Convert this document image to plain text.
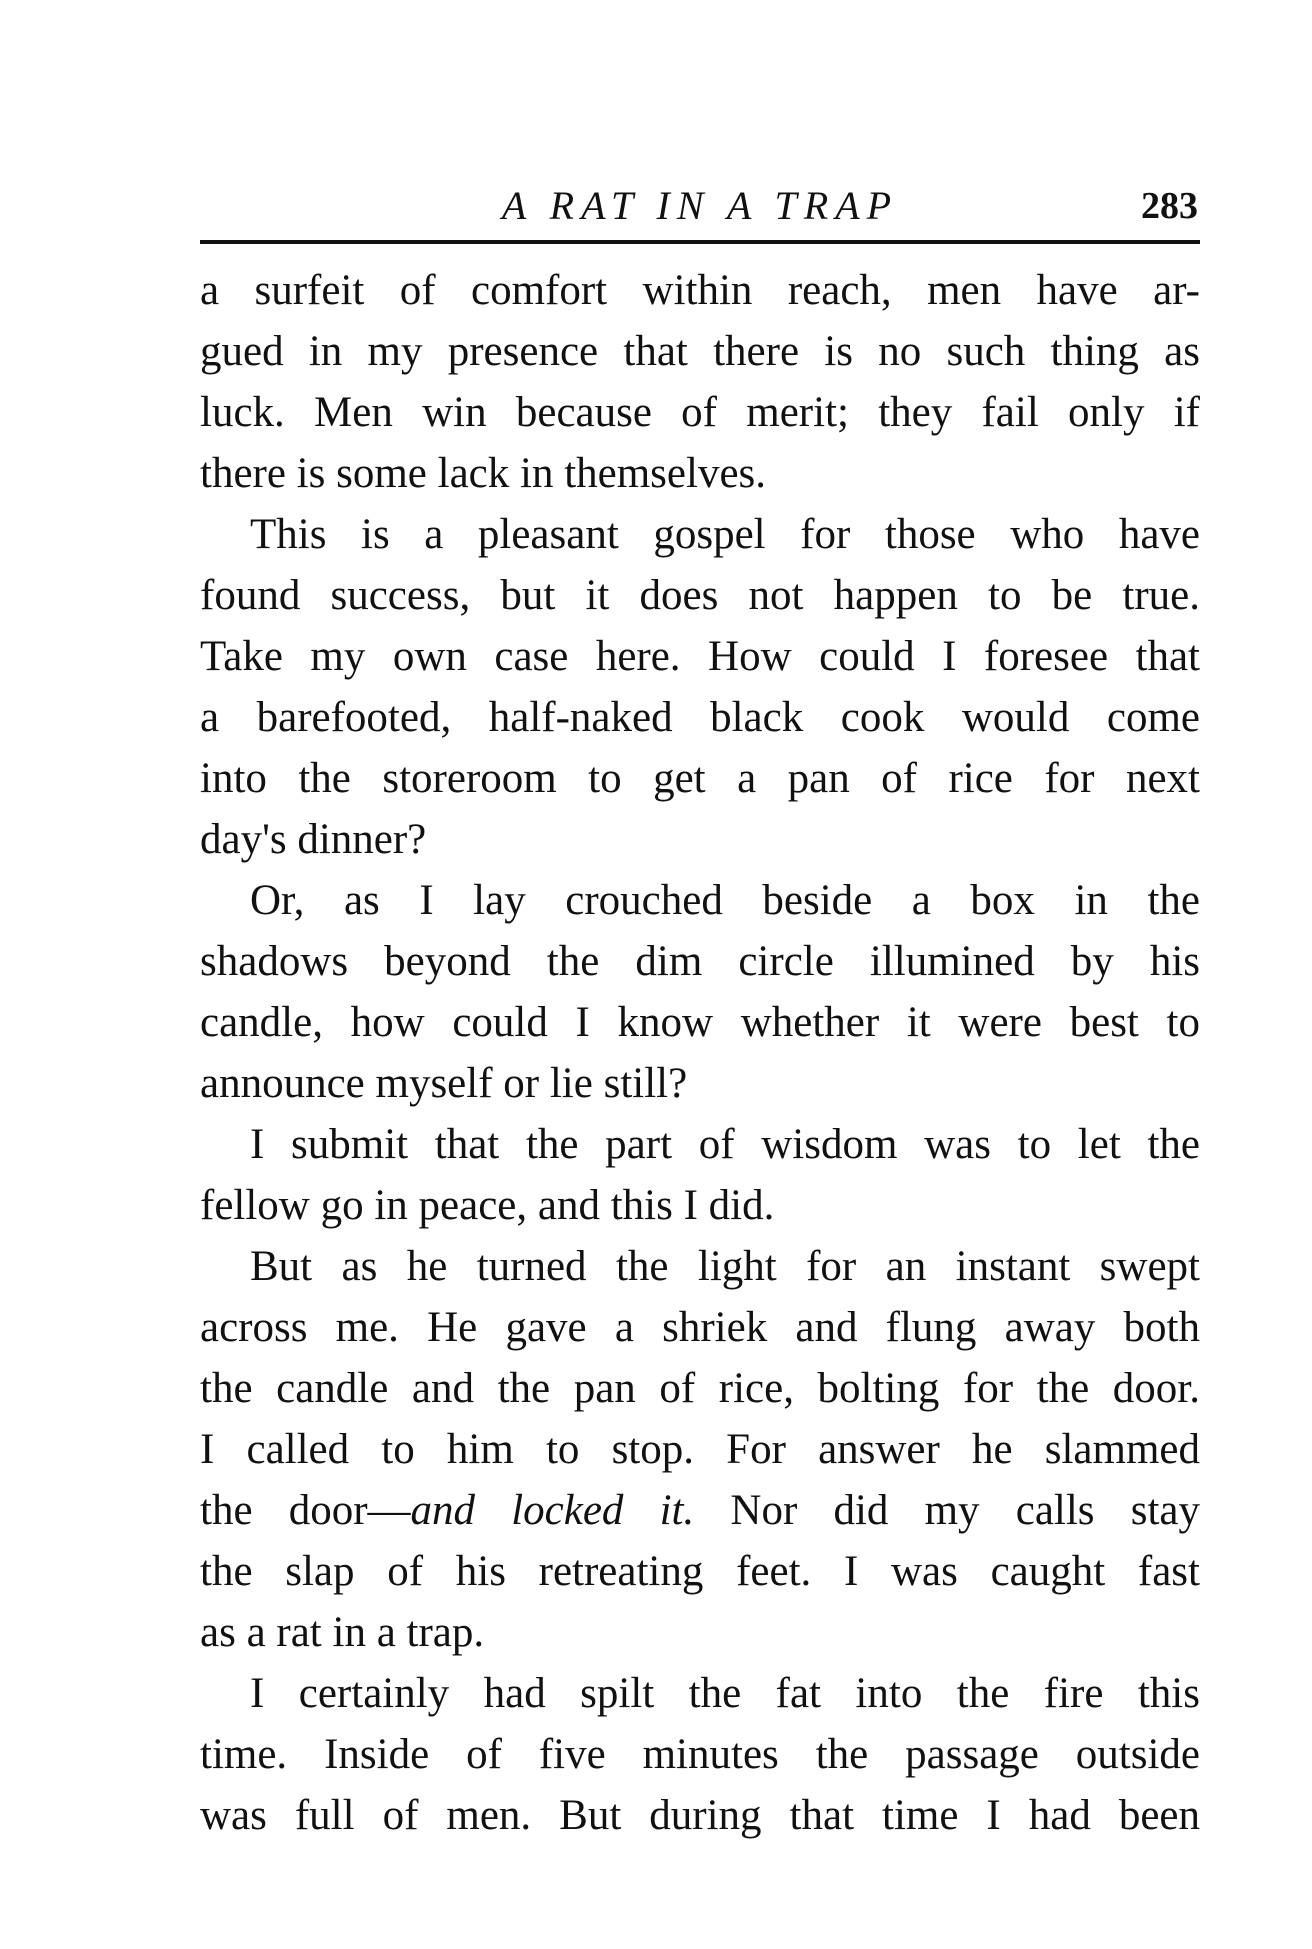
A RAT IN A TRAP	283
a surfeit of comfort within reach, men have ar-
gued in my presence that there is no such thing as
luck. Men win because of merit; they fail only if
there is some lack in themselves.
This is a pleasant gospel for those who have
found success, but it does not happen to be true.
Take my own case here. How could I foresee that
a barefooted, half-naked black cook would come
into the storeroom to get a pan of rice for next
day's dinner?
Or, as I lay crouched beside a box in the
shadows beyond the dim circle illumined by his
candle, how could I know whether it were best to
announce myself or lie still?
I submit that the part of wisdom was to let the
fellow go in peace, and this I did.
But as he turned the light for an instant swept
across me. He gave a shriek and flung away both
the candle and the pan of rice, bolting for the door.
I called to him to stop. For answer he slammed
the door—and locked it. Nor did my calls stay
the slap of his retreating feet. I was caught fast
as a rat in a trap.
I certainly had spilt the fat into the fire this
time. Inside of five minutes the passage outside
was full of men. But during that time I had been
